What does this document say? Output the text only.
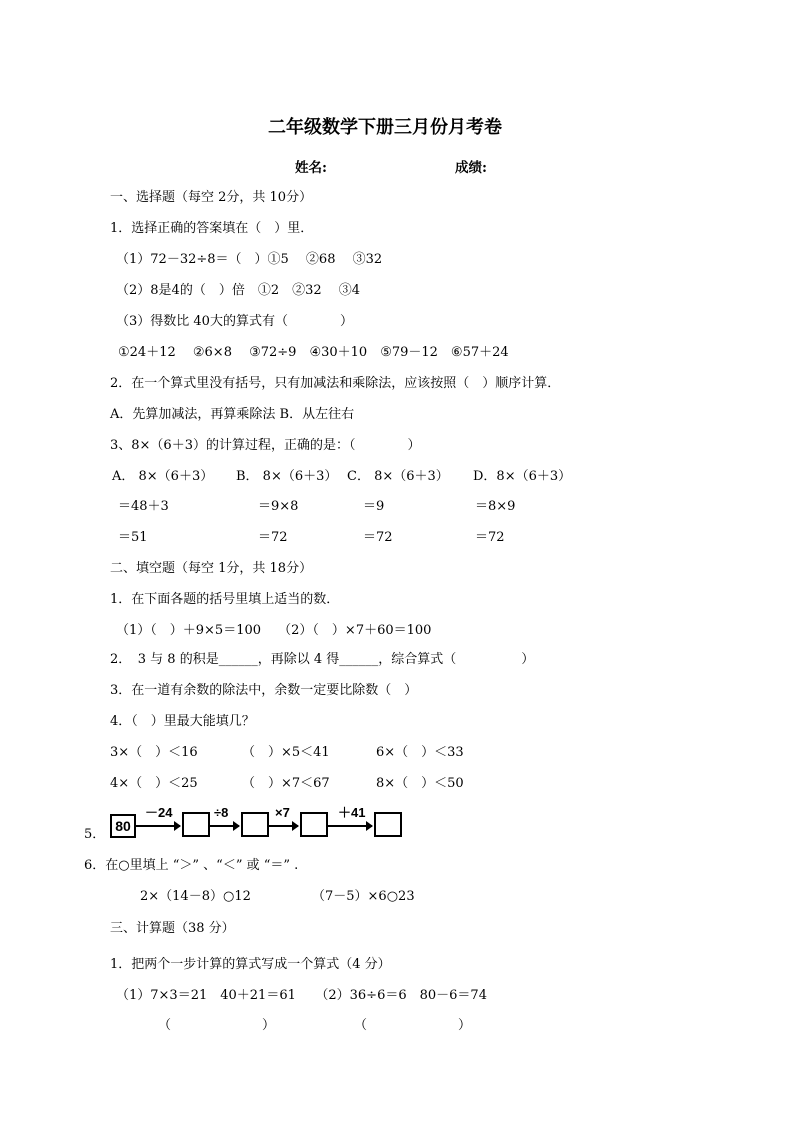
二年级数学下册三月份月考卷
姓名:	成绩:
一、选择题（每空 2分，共 10分）
1．选择正确的答案填在（　）里．
（1）72－32÷8＝（　）①5　 ②68　 ③32
（2）8是4的（　）倍　①2　②32　 ③4
（3）得数比 40大的算式有（　　　　）
①24＋12　 ②6×8　 ③72÷9　④30＋10　⑤79－12　⑥57＋24
2．在一个算式里没有括号，只有加减法和乘除法，应该按照（　）顺序计算．
A．先算加减法，再算乘除法 B．从左往右
3、8×（6＋3）的计算过程，正确的是：（　　　　）
A． 8×（6＋3） B． 8×（6＋3） C． 8×（6＋3） D．8×（6＋3）
＝48＋3	＝9×8	＝9	＝8×9
＝51	＝72	＝72	＝72
二、填空题（每空 1分，共 18分）
1．在下面各题的括号里填上适当的数．
（1）（　）＋9×5＝100　 （2）（　）×7＋60＝100
2．　3 与 8 的积是______，再除以 4 得______，综合算式（　　　　　）
3．在一道有余数的除法中，余数一定要比除数（　）
4．（　）里最大能填几？
3×（　）＜16	（　）×5＜41	6×（　）＜33
4×（　）＜25	（　）×7＜67	8×（　）＜50
5．
80
－24	÷8	×7	＋41
6．在○里填上 “＞” 、“＜” 或 “＝” .
2×（14－8）○12	（7－5）×6○23
三、计算题（38 分）
1．把两个一步计算的算式写成一个算式（4 分）
（1）7×3＝21　40＋21＝61　　（2）36÷6＝6　80－6＝74
（　　　　　　　）	（　　　　　　　）
